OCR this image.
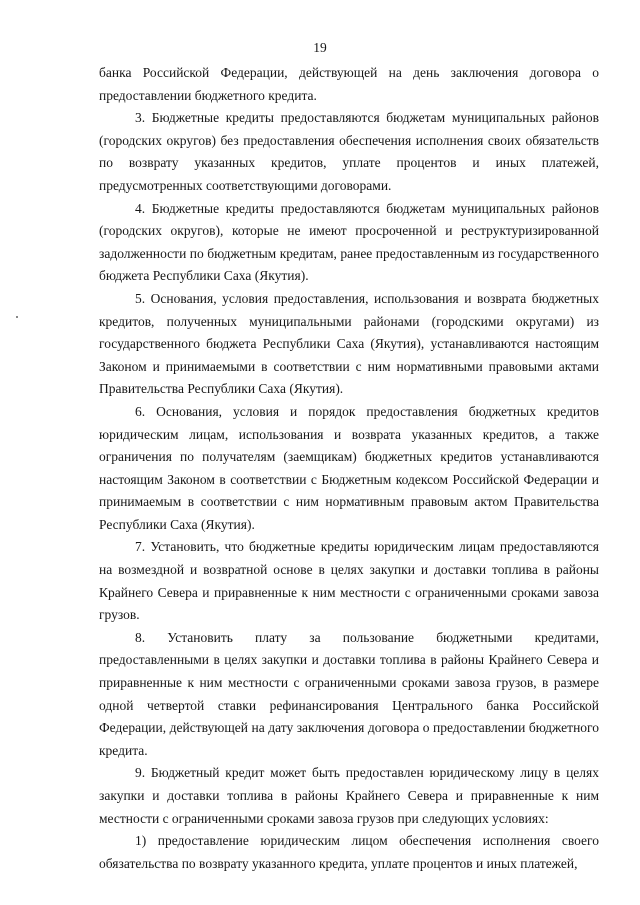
19

банка Российской Федерации, действующей на день заключения договора о предоставлении бюджетного кредита.

3. Бюджетные кредиты предоставляются бюджетам муниципальных районов (городских округов) без предоставления обеспечения исполнения своих обязательств по возврату указанных кредитов, уплате процентов и иных платежей, предусмотренных соответствующими договорами.

4. Бюджетные кредиты предоставляются бюджетам муниципальных районов (городских округов), которые не имеют просроченной и реструктуризированной задолженности по бюджетным кредитам, ранее предоставленным из государственного бюджета Республики Саха (Якутия).

5. Основания, условия предоставления, использования и возврата бюджетных кредитов, полученных муниципальными районами (городскими округами) из государственного бюджета Республики Саха (Якутия), устанавливаются настоящим Законом и принимаемыми в соответствии с ним нормативными правовыми актами Правительства Республики Саха (Якутия).

6. Основания, условия и порядок предоставления бюджетных кредитов юридическим лицам, использования и возврата указанных кредитов, а также ограничения по получателям (заемщикам) бюджетных кредитов устанавливаются настоящим Законом в соответствии с Бюджетным кодексом Российской Федерации и принимаемым в соответствии с ним нормативным правовым актом Правительства Республики Саха (Якутия).

7. Установить, что бюджетные кредиты юридическим лицам предоставляются на возмездной и возвратной основе в целях закупки и доставки топлива в районы Крайнего Севера и приравненные к ним местности с ограниченными сроками завоза грузов.

8. Установить плату за пользование бюджетными кредитами, предоставленными в целях закупки и доставки топлива в районы Крайнего Севера и приравненные к ним местности с ограниченными сроками завоза грузов, в размере одной четвертой ставки рефинансирования Центрального банка Российской Федерации, действующей на дату заключения договора о предоставлении бюджетного кредита.

9. Бюджетный кредит может быть предоставлен юридическому лицу в целях закупки и доставки топлива в районы Крайнего Севера и приравненные к ним местности с ограниченными сроками завоза грузов при следующих условиях:

1) предоставление юридическим лицом обеспечения исполнения своего обязательства по возврату указанного кредита, уплате процентов и иных платежей,
